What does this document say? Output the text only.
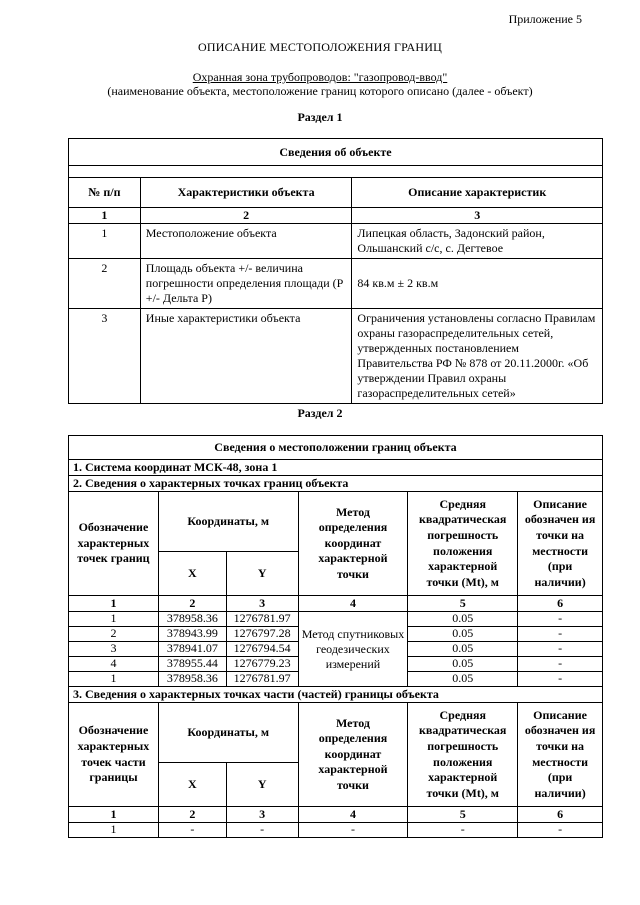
Приложение 5
ОПИСАНИЕ МЕСТОПОЛОЖЕНИЯ ГРАНИЦ
Охранная зона трубопроводов: "газопровод-ввод"
(наименование объекта, местоположение границ которого описано (далее - объект)
Раздел 1
Сведения об объекте		

№ п/п	Характеристики объекта	Описание характеристик
1	2	3
1	Местоположение объекта	Липецкая область, Задонский район, Ольшанский с/с, с. Дегтевое
2	Площадь объекта +/- величина погрешности определения площади (Р +/- Дельта Р)	84 кв.м ± 2 кв.м
3	Иные характеристики объекта	Ограничения установлены согласно Правилам охраны газораспределительных сетей, утвержденных постановлением Правительства РФ № 878 от 20.11.2000г. «Об утверждении Правил охраны газораспределительных сетей»
Раздел 2
Сведения о местоположении границ объекта					
1. Система координат МСК-48, зона 1					
2. Сведения о характерных точках границ объекта					
Обозначение характерных точек границ	Координаты, м		Метод определения координат характерной точки	Средняя квадратическая погрешность положения характерной точки (Mt), м	Описание обозначен ия точки на местности (при наличии)
	X	Y			
1	2	3	4	5	6
1	378958.36	1276781.97	Метод спутниковых геодезических измерений	0.05	-
2	378943.99	1276797.28		0.05	-
3	378941.07	1276794.54		0.05	-
4	378955.44	1276779.23		0.05	-
1	378958.36	1276781.97		0.05	-
3. Сведения о характерных точках части (частей) границы объекта					
Обозначение характерных точек части границы	Координаты, м		Метод определения координат характерной точки	Средняя квадратическая погрешность положения характерной точки (Mt), м	Описание обозначен ия точки на местности (при наличии)
	X	Y			
1	2	3	4	5	6
1	-	-	-	-	-
